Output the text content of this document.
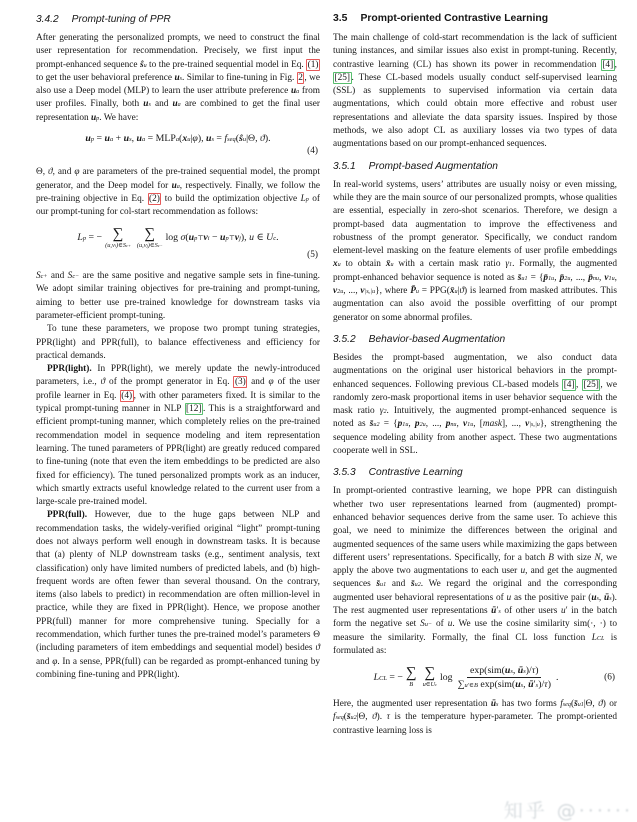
3.4.2 Prompt-tuning of PPR

After generating the personalized prompts, we need to construct the final user representation for recommendation. Precisely, we first input the prompt-enhanced sequence ŝu to the pre-trained sequential model in Eq. (1) to get the user behavioral preference us. Similar to fine-tuning in Fig. 2 , we also use a Deep model (MLP) to learn the user attribute preference ua from user profiles. Finally, both us and ua are combined to get the final user representation up. We have:

up = ua + us, ua = MLPa(xu|φ), us = fseq(ŝu|Θ, ϑ).
(4)

Θ, ϑ, and φ are parameters of the pre-trained sequential model, the prompt generator, and the Deep model for ua, respectively. Finally, we follow the pre-training objective in Eq. (2) to build the optimization objective Lp of our prompt-tuning for col-start recommendation as follows:

Lp = − ∑
$(u,vi)\in S^c+$
∑
$(u,vj)\in S^c-$
log σ(up⊤vi − up⊤vj), u ∈ $U^c$.
(5)

$S^c+$ and $S^c-$ are the same positive and negative sample sets in fine-tuning. We adopt similar training objectives for pre-training and prompt-tuning, aiming to better use pre-trained knowledge for downstream tasks via parameter-efficient prompt-tuning.

To tune these parameters, we propose two prompt tuning strategies, PPR(light) and PPR(full), to balance effectiveness and efficiency for practical demands.

PPR(light). In PPR(light), we merely update the newly-introduced parameters, i.e., ϑ of the prompt generator in Eq. (3) and φ of the user profile learner in Eq. (4) , with other parameters fixed. It is similar to the typical prompt-tuning manner in NLP [12] . This is a straightforward and efficient prompt-tuning manner, which completely relies on the pre-trained recommendation model in sequence modeling and item representation learning. The tuned parameters of PPR(light) are greatly reduced compared to fine-tuning (note that even the item embeddings to be predicted are also fixed for efficiency). The tuned personalized prompts work as an inducer, which smartly extracts useful knowledge related to the current user from a large-scale pre-trained model.

PPR(full). However, due to the huge gaps between NLP and recommendation tasks, the widely-verified original “light” prompt-tuning does not always perform well enough in downstream tasks. It is because that (a) plenty of NLP downstream tasks (e.g., sentiment analysis, text classification) only have limited numbers of predicted labels, and (b) high-frequent words are often fewer than several thousand. On the contrary, items (also labels to predict) in recommendation are often million-level in practice, while they are fixed in PPR(light). Hence, we propose another PPR(full) manner for more comprehensive tuning. Specially for a recommendation, which further tunes the pre-trained model’s parameters Θ (including parameters of item embeddings and sequential model) besides ϑ and φ. In a sense, PPR(full) can be regarded as prompt-enhanced tuning by combining fine-tuning and PPR(light).

3.5 Prompt-oriented Contrastive Learning

The main challenge of cold-start recommendation is the lack of sufficient tuning instances, and similar issues also exist in prompt-tuning. Recently, contrastive learning (CL) has shown its power in recommendation [4] , [25] . These CL-based models usually conduct self-supervised learning (SSL) as supplements to supervised information via certain data augmentations, which could obtain more effective and robust user representations and alleviate the data sparsity issues. Inspired by those methods, we also adopt CL as auxiliary losses via two types of data augmentations based on our prompt-enhanced sequences.

3.5.1 Prompt-based Augmentation

In real-world systems, users’ attributes are usually noisy or even missing, while they are the main source of our personalized prompts, whose qualities are essential, especially in zero-shot scenarios. Therefore, we design a prompt-based data augmentation to improve the effectiveness and robustness of the prompt generator. Specifically, we conduct random element-level masking on the feature elements of user profile embeddings xu to obtain x̄u with a certain mask ratio γ1. Formally, the augmented prompt-enhanced behavior sequence is noted as $s̄u^1$ = {$p̄1^u$, p̄2$^u$, ..., $p̄n^u$, v1$^u$, v2$^u$, ..., $v|sᵤ|^u$}, where P̄$^u$ = PPG(x̄u|ϑ) is learned from masked attributes. This augmentation can also avoid the possible overfitting of our prompt generator on some abnormal profiles.

3.5.2 Behavior-based Augmentation

Besides the prompt-based augmentation, we also conduct data augmentations on the original user historical behaviors in the prompt-enhanced sequences. Following previous CL-based models [4] , [25] , we randomly zero-mask proportional items in user behavior sequence with the mask ratio γ2. Intuitively, the augmented prompt-enhanced sequence is noted as $s̄u^2 = \{p1^u$, p2$^u$, ..., $pn^u$, v1$^u$, [mask], ..., $v|sᵤ|^u$}, strengthening the sequence modeling ability from another aspect. These two augmentations cooperate well in SSL.

3.5.3 Contrastive Learning

In prompt-oriented contrastive learning, we hope PPR can distinguish whether two user representations learned from (augmented) prompt-enhanced behavior sequences derive from the same user. To achieve this goal, we need to minimize the differences between the original and augmented sequences of the same users while maximizing the gaps between different users’ representations. Specifically, for a batch B with size N, we apply the above two augmentations to each user u, and get the augmented sequences $s̄u^1$ and $s̄u^2$. We regard the original and the corresponding augmented user behavioral representations of u as the positive pair (us, ūs). The rest augmented user representations ū′s of other users u′ in the batch form the negative set $S^u-$ of u. We use the cosine similarity sim(·, ·) to measure the similarity. Formally, the final CL loss function LCL is formulated as:

LCL = − ∑
B
∑
$u\in U^c$
$\log \frac{\text{exp(sim(us, ūs)/τ)}}{\text{∑u′∈B exp(sim(us, ū′s)/τ)}}$ .	(6)

Here, the augmented user representation ūs has two forms $fseq(s̄u^1|\Theta$, ϑ) or $fseq(s̄u^2|\Theta$, ϑ). τ is the temperature hyper-parameter. The prompt-oriented contrastive learning loss is

知乎 @······
